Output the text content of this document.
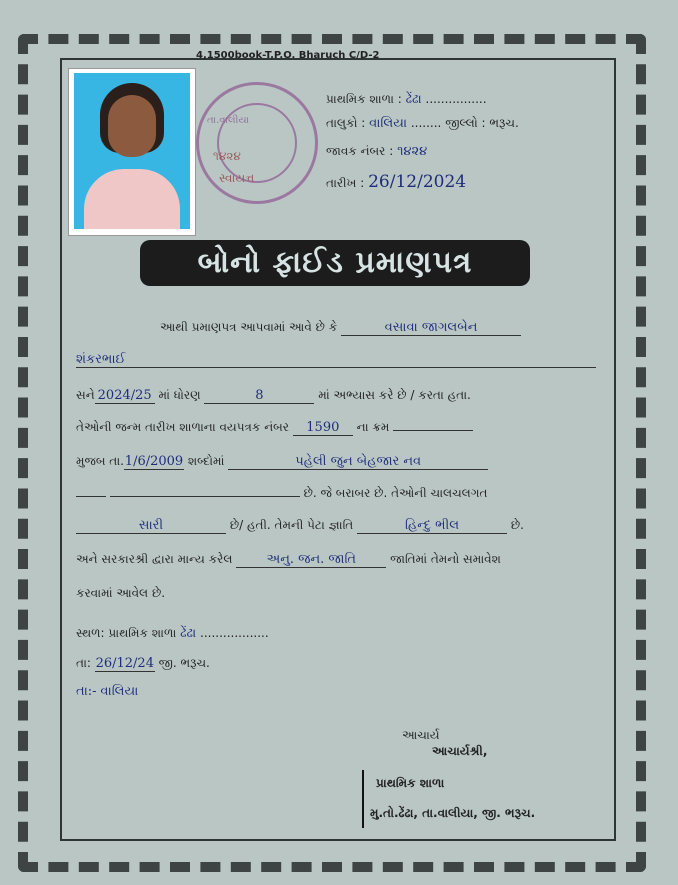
4,1500book-T.P.O. Bharuch C/D-2
તા.વાલીયા
૧૪૨૪
સ્વાયત્ત
પ્રાથમિક શાળા : ઢેંઢા ................
તાલુકો : વાલિયા ........ જીલ્લો : ભરૂચ.
જાવક નંબર : ૧૪૨૪
તારીખ : 26/12/2024
બોનો ફાઈડ પ્રમાણપત્ર
આથી પ્રમાણપત્ર આપવામાં આવે છે કે	વસાવા જાગલબેન
શંકરભાઈ
સને 2024/25 માં ધોરણ	8	માં અભ્યાસ કરે છે / કરતા હતા.
તેઓની જન્મ તારીખ શાળાના વયપત્રક નંબર 1590 ના ક્રમ
મુજબ તા.1/6/2009 શબ્દોમાં	પહેલી જુન બેહજાર નવ
છે. જે બરાબર છે. તેઓની ચાલચલગત
સારી	છે/ હતી. તેમની પેટા જ્ઞાતિ	હિન્દુ ભીલ	છે.
અને સરકારશ્રી દ્વારા માન્ય કરેલ	અનુ. જન. જાતિ	જાતિમાં તેમનો સમાવેશ
કરવામાં આવેલ છે.
સ્થળ: પ્રાથમિક શાળા ઢેંઢા ..................
તા: 26/12/24 જી. ભરૂચ.
તા:- વાલિયા
આચાર્ય
આચાર્યશ્રી,
પ્રાથમિક શાળા
મુ.તો.ઢેંઢા, તા.વાલીયા, જી. ભરૂચ.
